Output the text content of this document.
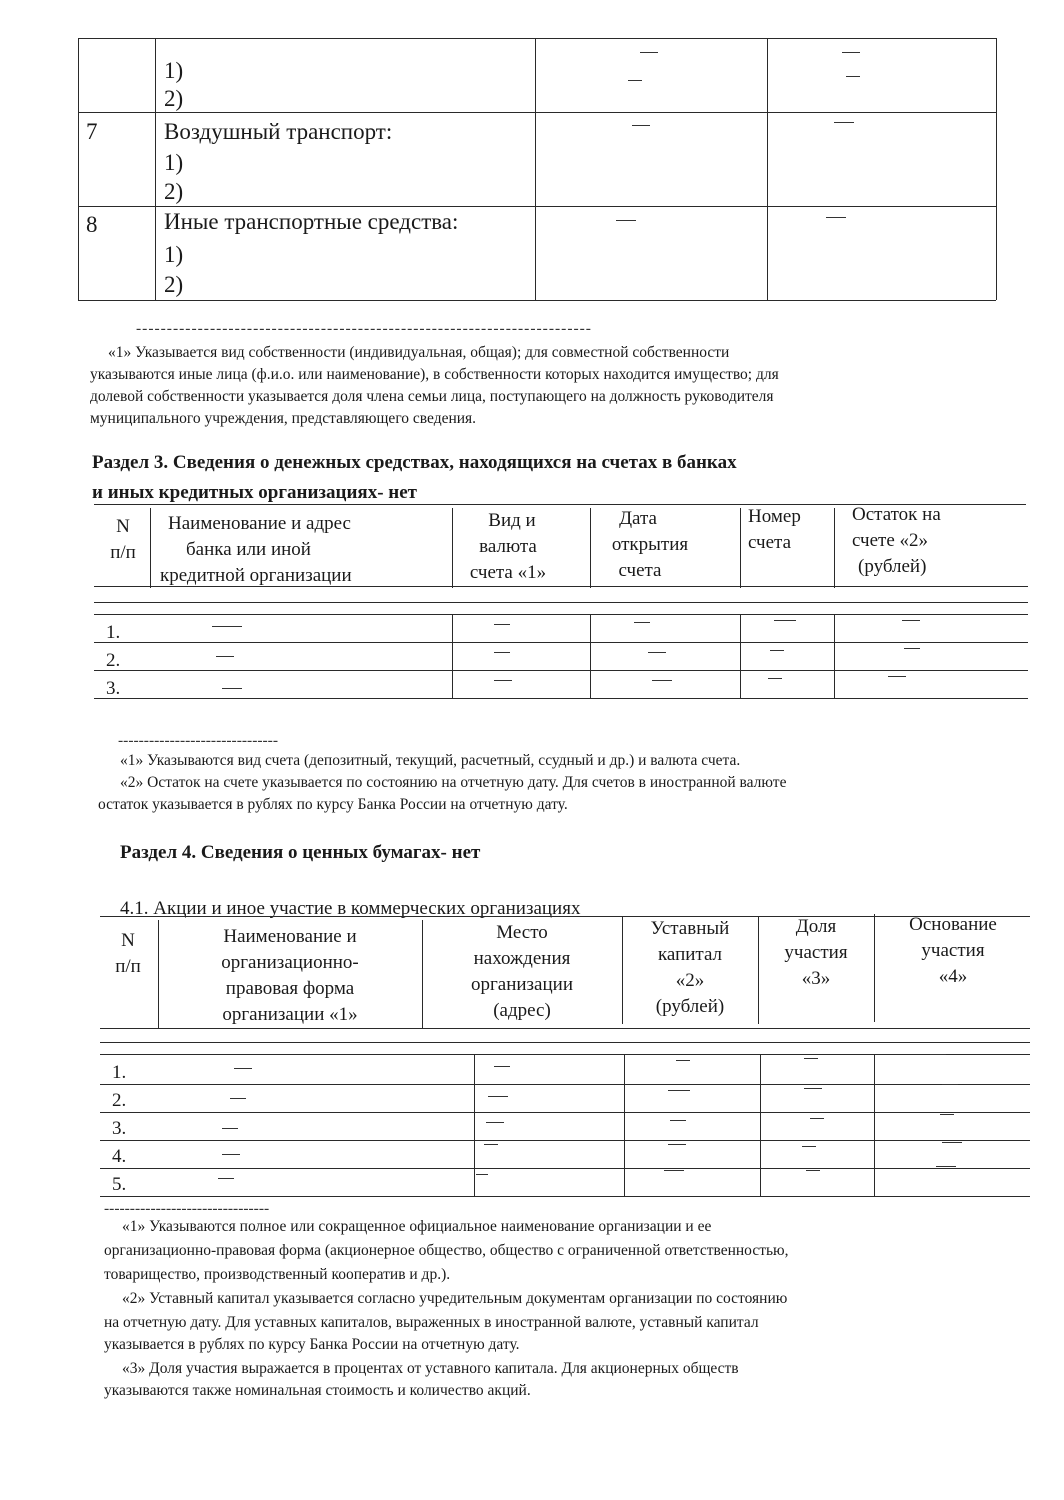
1)
2)
7	Воздушный транспорт:
1)
2)
8	Иные транспортные средства:
1)
2)
--------------------------------------------------------------------------
«1» Указывается вид собственности (индивидуальная, общая); для совместной собственности
указываются иные лица (ф.и.о. или наименование), в собственности которых находится имущество; для
долевой собственности указывается доля члена семьи лица, поступающего на должность руководителя
муниципального учреждения, представляющего сведения.
Раздел 3. Сведения о денежных средствах, находящихся на счетах в банках
и иных кредитных организациях- нет
N
п/п
Наименование и адрес
банка или иной
кредитной организации
Вид и
валюта
счета «1»
Дата
открытия
счета
Номер
счета
Остаток на
счете «2»
(рублей)
1.
2.
3.
-------------------------------
«1» Указываются вид счета (депозитный, текущий, расчетный, ссудный и др.) и валюта счета.
«2» Остаток на счете указывается по состоянию на отчетную дату. Для счетов в иностранной валюте
остаток указывается в рублях по курсу Банка России на отчетную дату.
Раздел 4. Сведения о ценных бумагах- нет
4.1. Акции и иное участие в коммерческих организациях
N
п/п
Наименование и
организационно-
правовая форма
организации «1»
Место
нахождения
организации
(адрес)
Уставный
капитал
«2»
(рублей)
Доля
участия
«3»
Основание
участия
«4»
1.
2.
3.
4.
5.
--------------------------------
«1» Указываются полное или сокращенное официальное наименование организации и ее
организационно-правовая форма (акционерное общество, общество с ограниченной ответственностью,
товарищество, производственный кооператив и др.).
«2» Уставный капитал указывается согласно учредительным документам организации по состоянию
на отчетную дату. Для уставных капиталов, выраженных в иностранной валюте, уставный капитал
указывается в рублях по курсу Банка России на отчетную дату.
«3» Доля участия выражается в процентах от уставного капитала. Для акционерных обществ
указываются также номинальная стоимость и количество акций.
